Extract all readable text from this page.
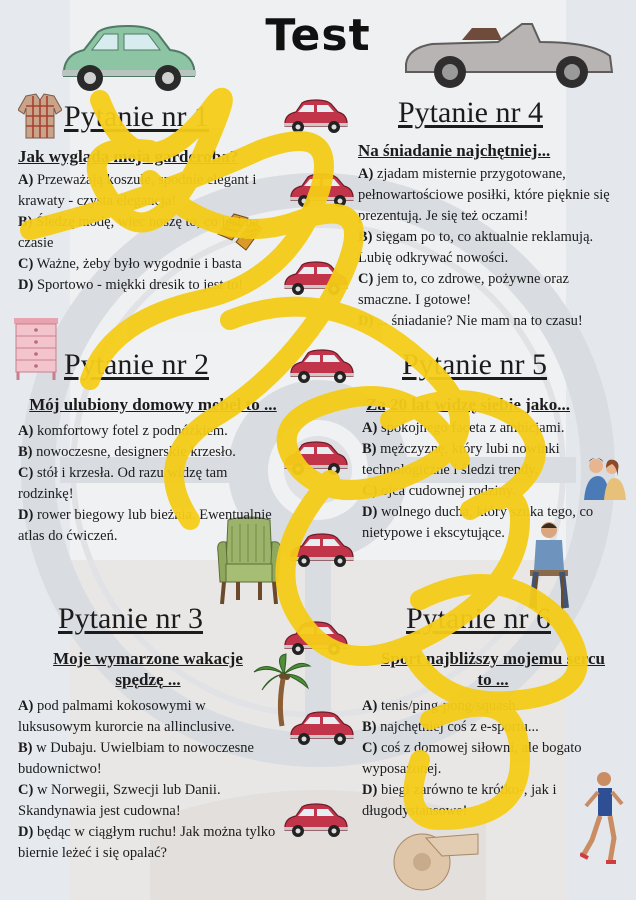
Test
Pytanie nr 1
Jak wygląda moja garderoba?

A) Przeważają koszule, spodnie elegant i krawaty - czysta elegancja!

B) Śledzę modę, wiec noszę to, co jest na czasie

C) Ważne, żeby było wygodnie i basta

D) Sportowo - miękki dresik to jest to!

Pytanie nr 2
Mój ulubiony domowy mebel to ...

A) komfortowy fotel z podnóżkiem.

B) nowoczesne, designerskie krzesło.

C) stół i krzesła. Od razu widzę tam rodzinkę!

D) rower biegowy lub bieżnia. Ewentualnie atlas do ćwiczeń.

Pytanie nr 3
Moje wymarzone wakacje spędzę ...

A) pod palmami kokosowymi w luksusowym kurorcie na allinclusive.

B) w Dubaju. Uwielbiam to nowoczesne budownictwo!

C) w Norwegii, Szwecji lub Danii. Skandynawia jest cudowna!

D) będąc w ciągłym ruchu! Jak można tylko biernie leżeć i się opalać?

Pytanie nr 4
Na śniadanie najchętniej...

A) zjadam misternie przygotowane, pełnowartościowe posiłki, które pięknie się prezentują. Je się też oczami!

B) sięgam po to, co aktualnie reklamują. Lubię odkrywać nowości.

C) jem to, co zdrowe, pożywne oraz smaczne. I gotowe!

D) ... śniadanie? Nie mam na to czasu!

Pytanie nr 5
Za 20 lat widzę siebie jako...

A) spokojnego faceta z ambicjami.

B) mężczyznę, który lubi nowinki technologiczne i śledzi trendy.

C) ojca cudownej rodziny.

D) wolnego ducha, który szuka tego, co nietypowe i ekscytujące.

Pytanie nr 6
Sport najbliższy mojemu sercu to ...

A) tenis/ping-pong/squash.

B) najchętniej coś z e-sportu...

C) coś z domowej siłowni, ale bogato wyposażonej.

D) biegi zarówno te krótko-, jak i długodystansowe!
